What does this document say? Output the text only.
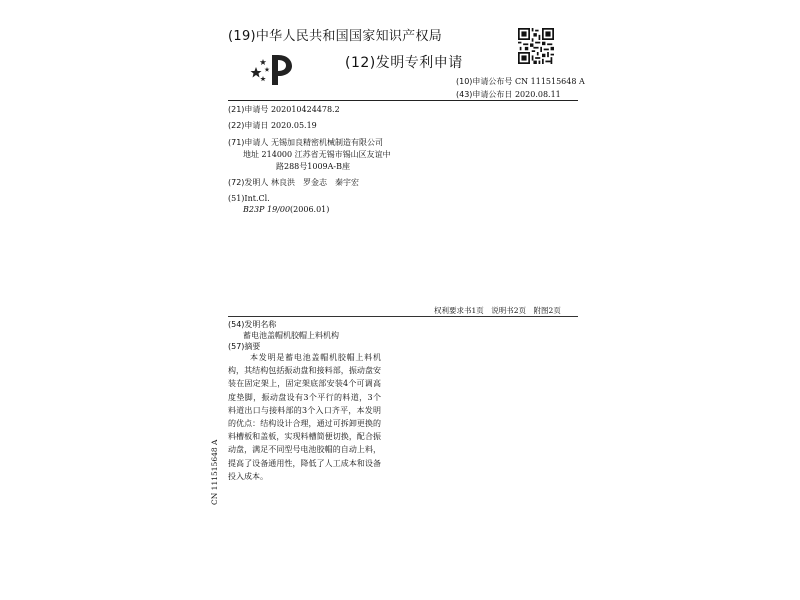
(19)中华人民共和国国家知识产权局
(12)发明专利申请
(10)申请公布号 CN 111515648 A
(43)申请公布日 2020.08.11
(21)申请号 202010424478.2
(22)申请日 2020.05.19
(71)申请人 无锡加良精密机械制造有限公司
地址 214000 江苏省无锡市锡山区友谊中
路288号1009A-B座
(72)发明人 林良洪　罗金志　秦宇宏
(51)Int.Cl.
B23P 19/00(2006.01)
权利要求书1页　说明书2页　附图2页
(54)发明名称
蓄电池盖帽机胶帽上料机构
(57)摘要
本发明是蓄电池盖帽机胶帽上料机构，其结构包括振动盘和接料部，振动盘安装在固定架上，固定架底部安装4个可调高度垫脚，振动盘设有3个平行的料道，3个料道出口与接料部的3个入口齐平，本发明的优点：结构设计合理，通过可拆卸更换的料槽板和盖板，实现料槽简便切换，配合振动盘，满足不同型号电池胶帽的自动上料，提高了设备通用性，降低了人工成本和设备投入成本。
CN 111515648 A
